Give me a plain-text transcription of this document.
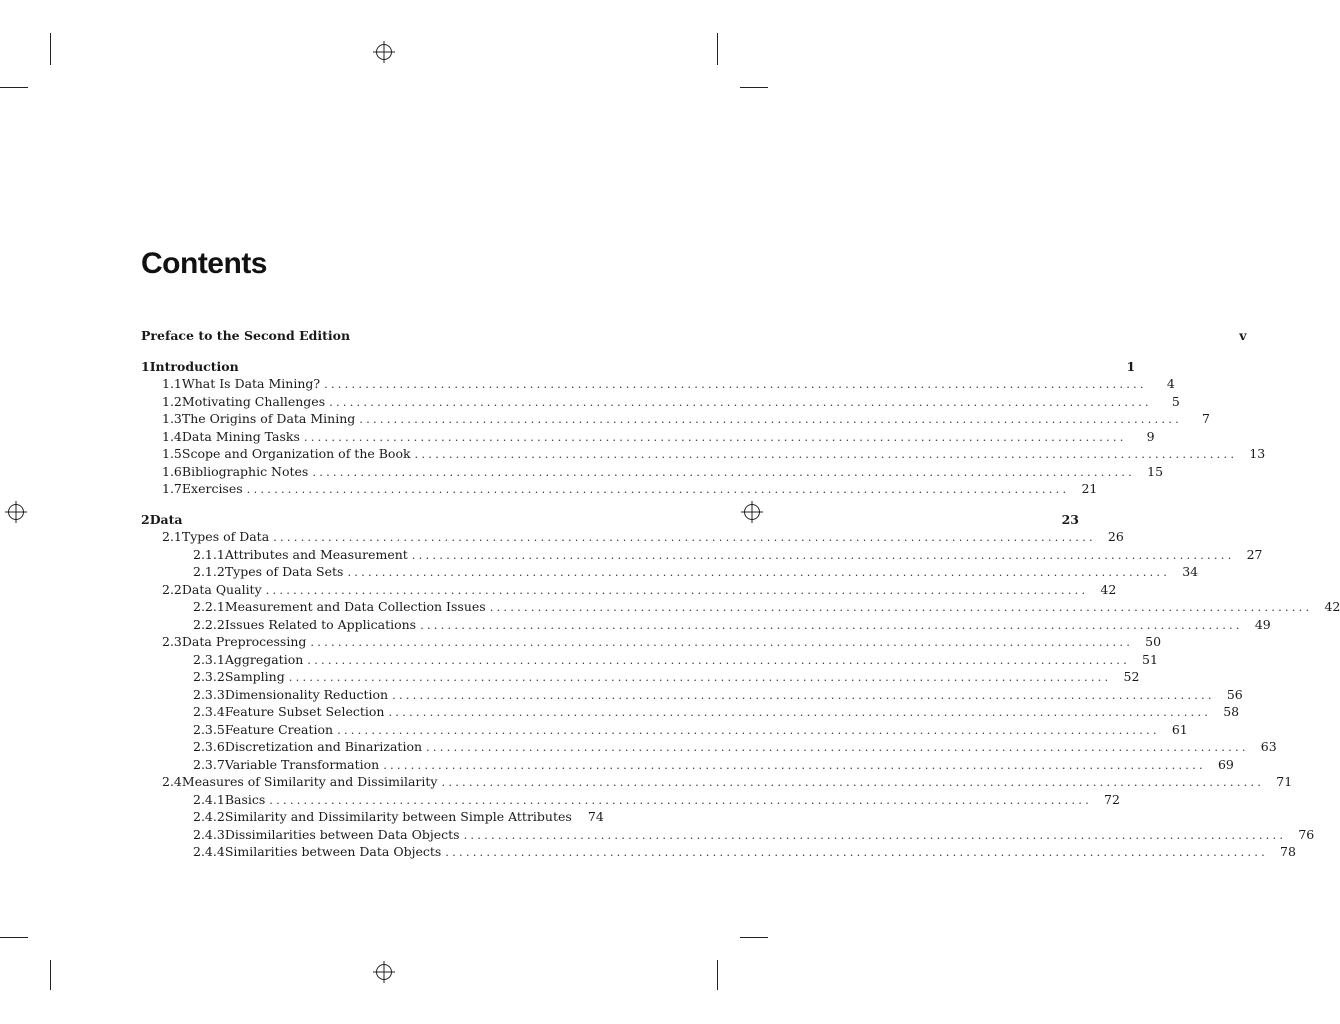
Contents
Preface to the Second Edition	v
1 Introduction	1
1.1 What Is Data Mining? ........................................................................................................................	4
1.2 Motivating Challenges ........................................................................................................................	5
1.3 The Origins of Data Mining ........................................................................................................................	7
1.4 Data Mining Tasks ........................................................................................................................	9
1.5 Scope and Organization of the Book ........................................................................................................................ 13
1.6 Bibliographic Notes ........................................................................................................................ 15
1.7 Exercises ........................................................................................................................ 21
2 Data	23
2.1 Types of Data ........................................................................................................................ 26
2.1.1 Attributes and Measurement ........................................................................................................................ 27
2.1.2 Types of Data Sets ........................................................................................................................ 34
2.2 Data Quality ........................................................................................................................ 42
2.2.1 Measurement and Data Collection Issues ........................................................................................................................ 42
2.2.2 Issues Related to Applications ........................................................................................................................ 49
2.3 Data Preprocessing ........................................................................................................................ 50
2.3.1 Aggregation ........................................................................................................................ 51
2.3.2 Sampling ........................................................................................................................ 52
2.3.3 Dimensionality Reduction ........................................................................................................................ 56
2.3.4 Feature Subset Selection ........................................................................................................................ 58
2.3.5 Feature Creation ........................................................................................................................ 61
2.3.6 Discretization and Binarization ........................................................................................................................ 63
2.3.7 Variable Transformation ........................................................................................................................ 69
2.4 Measures of Similarity and Dissimilarity ........................................................................................................................ 71
2.4.1 Basics ........................................................................................................................ 72
2.4.2 Similarity and Dissimilarity between Simple Attributes	74
2.4.3 Dissimilarities between Data Objects ........................................................................................................................ 76
2.4.4 Similarities between Data Objects ........................................................................................................................ 78
